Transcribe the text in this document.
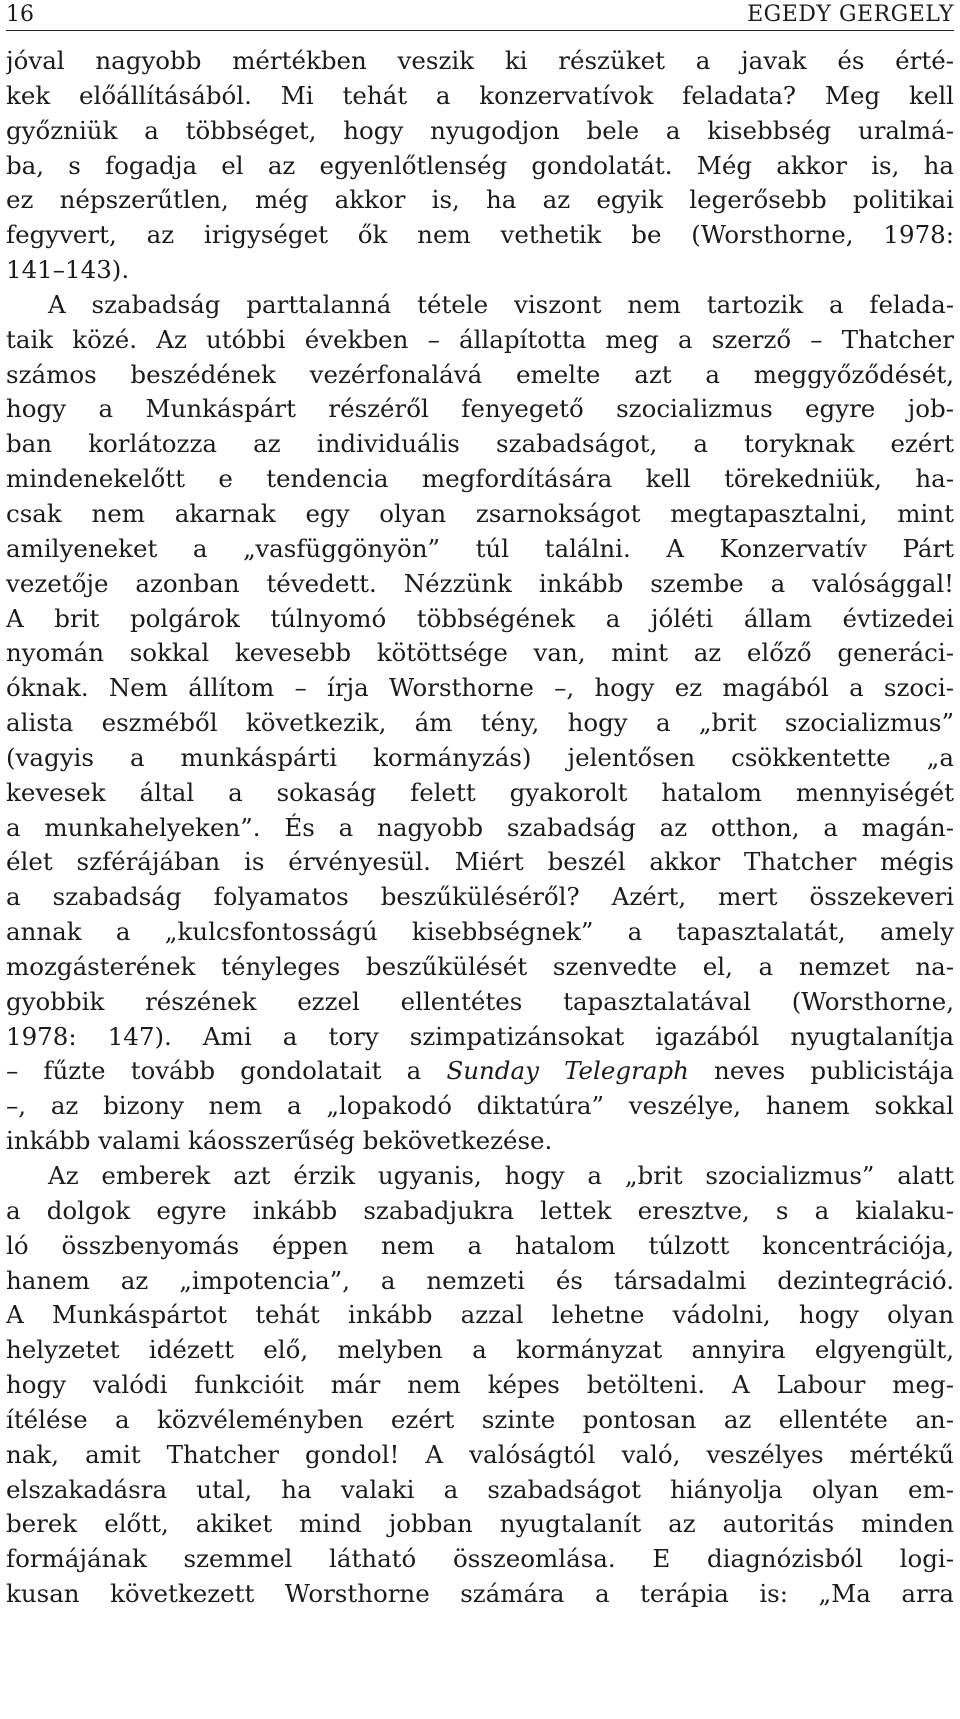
16	EGEDY GERGELY
jóval nagyobb mértékben veszik ki részüket a javak és érté-
kek előállításából. Mi tehát a konzervatívok feladata? Meg kell
győzniük a többséget, hogy nyugodjon bele a kisebbség uralmá-
ba, s fogadja el az egyenlőtlenség gondolatát. Még akkor is, ha
ez népszerűtlen, még akkor is, ha az egyik legerősebb politikai
fegyvert, az irigységet ők nem vethetik be (Worsthorne, 1978:
141–143).
A szabadság parttalanná tétele viszont nem tartozik a felada-
taik közé. Az utóbbi években – állapította meg a szerző – Thatcher
számos beszédének vezérfonalává emelte azt a meggyőződését,
hogy a Munkáspárt részéről fenyegető szocializmus egyre job-
ban korlátozza az individuális szabadságot, a toryknak ezért
mindenekelőtt e tendencia megfordítására kell törekedniük, ha-
csak nem akarnak egy olyan zsarnokságot megtapasztalni, mint
amilyeneket a „vasfüggönyön” túl találni. A Konzervatív Párt
vezetője azonban tévedett. Nézzünk inkább szembe a valósággal!
A brit polgárok túlnyomó többségének a jóléti állam évtizedei
nyomán sokkal kevesebb kötöttsége van, mint az előző generáci-
óknak. Nem állítom – írja Worsthorne –, hogy ez magából a szoci-
alista eszméből következik, ám tény, hogy a „brit szocializmus”
(vagyis a munkáspárti kormányzás) jelentősen csökkentette „a
kevesek által a sokaság felett gyakorolt hatalom mennyiségét
a munkahelyeken”. És a nagyobb szabadság az otthon, a magán-
élet szférájában is érvényesül. Miért beszél akkor Thatcher mégis
a szabadság folyamatos beszűküléséről? Azért, mert összekeveri
annak a „kulcsfontosságú kisebbségnek” a tapasztalatát, amely
mozgásterének tényleges beszűkülését szenvedte el, a nemzet na-
gyobbik részének ezzel ellentétes tapasztalatával (Worsthorne,
1978: 147). Ami a tory szimpatizánsokat igazából nyugtalanítja
– fűzte tovább gondolatait a Sunday Telegraph neves publicistája
–, az bizony nem a „lopakodó diktatúra” veszélye, hanem sokkal
inkább valami káosszerűség bekövetkezése.
Az emberek azt érzik ugyanis, hogy a „brit szocializmus” alatt
a dolgok egyre inkább szabadjukra lettek eresztve, s a kialaku-
ló összbenyomás éppen nem a hatalom túlzott koncentrációja,
hanem az „impotencia”, a nemzeti és társadalmi dezintegráció.
A Munkáspártot tehát inkább azzal lehetne vádolni, hogy olyan
helyzetet idézett elő, melyben a kormányzat annyira elgyengült,
hogy valódi funkcióit már nem képes betölteni. A Labour meg-
ítélése a közvéleményben ezért szinte pontosan az ellentéte an-
nak, amit Thatcher gondol! A valóságtól való, veszélyes mértékű
elszakadásra utal, ha valaki a szabadságot hiányolja olyan em-
berek előtt, akiket mind jobban nyugtalanít az autoritás minden
formájának szemmel látható összeomlása. E diagnózisból logi-
kusan következett Worsthorne számára a terápia is: „Ma arra
